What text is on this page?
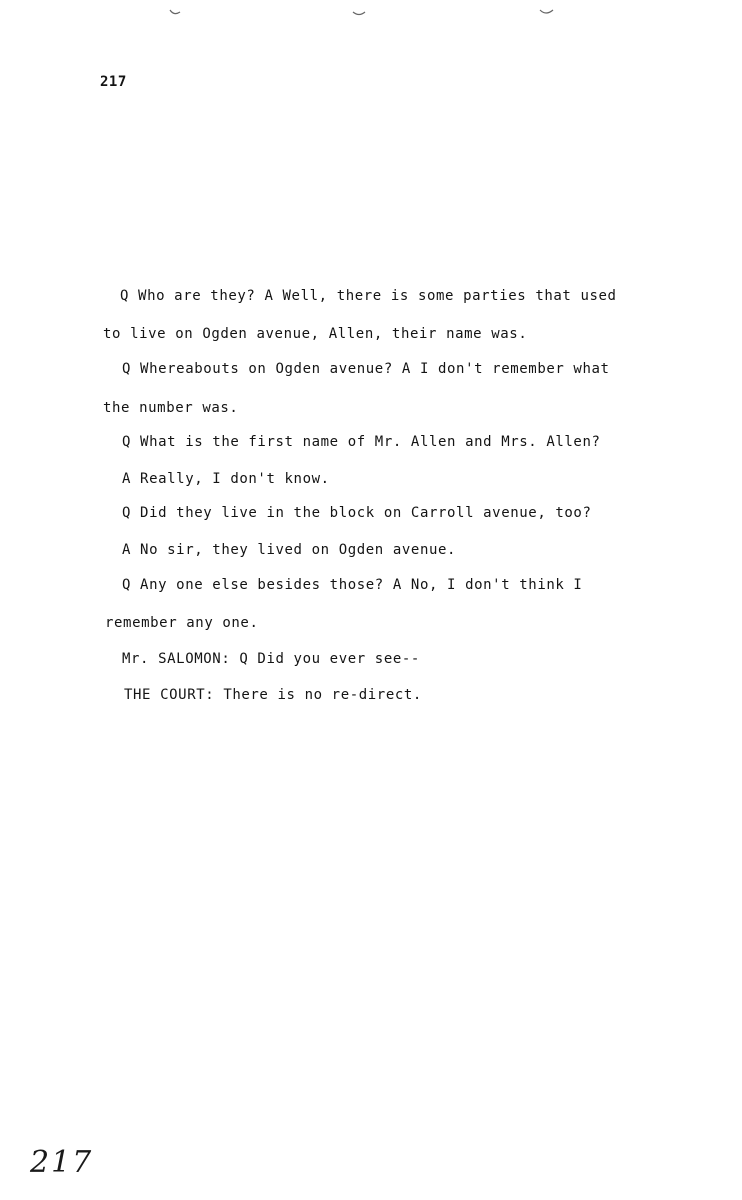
217
Q Who are they? A Well, there is some parties that used
to live on Ogden avenue, Allen, their name was.
Q Whereabouts on Ogden avenue? A I don't remember what
the number was.
Q What is the first name of Mr. Allen and Mrs. Allen?
A Really, I don't know.
Q Did they live in the block on Carroll avenue, too?
A No sir, they lived on Ogden avenue.
Q Any one else besides those? A No, I don't think I
remember any one.
Mr. SALOMON: Q Did you ever see--
THE COURT: There is no re-direct.
217
